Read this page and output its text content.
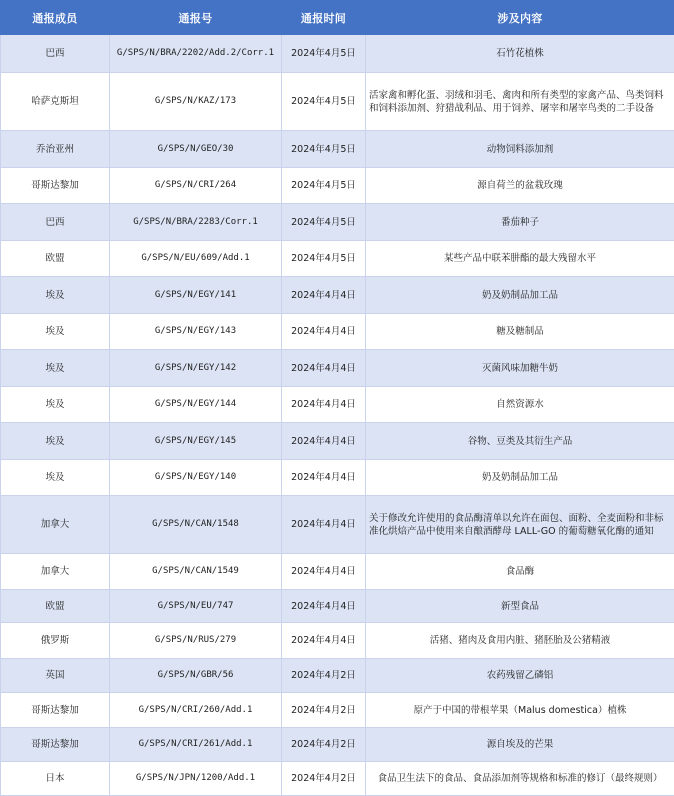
通报成员	通报号	通报时间	涉及内容
巴西	G/SPS/N/BRA/2202/Add.2/Corr.1	2024年4月5日	石竹花植株
哈萨克斯坦	G/SPS/N/KAZ/173	2024年4月5日	活家禽和孵化蛋、羽绒和羽毛、禽肉和所有类型的家禽产品、鸟类饲料和饲料添加剂、狩猎战利品、用于饲养、屠宰和屠宰鸟类的二手设备
乔治亚州	G/SPS/N/GEO/30	2024年4月5日	动物饲料添加剂
哥斯达黎加	G/SPS/N/CRI/264	2024年4月5日	源自荷兰的盆栽玫瑰
巴西	G/SPS/N/BRA/2283/Corr.1	2024年4月5日	番茄种子
欧盟	G/SPS/N/EU/609/Add.1	2024年4月5日	某些产品中联苯肼酯的最大残留水平
埃及	G/SPS/N/EGY/141	2024年4月4日	奶及奶制品加工品
埃及	G/SPS/N/EGY/143	2024年4月4日	糖及糖制品
埃及	G/SPS/N/EGY/142	2024年4月4日	灭菌风味加糖牛奶
埃及	G/SPS/N/EGY/144	2024年4月4日	自然资源水
埃及	G/SPS/N/EGY/145	2024年4月4日	谷物、豆类及其衍生产品
埃及	G/SPS/N/EGY/140	2024年4月4日	奶及奶制品加工品
加拿大	G/SPS/N/CAN/1548	2024年4月4日	关于修改允许使用的食品酶清单以允许在面包、面粉、全麦面粉和非标准化烘焙产品中使用来自酿酒酵母 LALL-GO 的葡萄糖氧化酶的通知
加拿大	G/SPS/N/CAN/1549	2024年4月4日	食品酶
欧盟	G/SPS/N/EU/747	2024年4月4日	新型食品
俄罗斯	G/SPS/N/RUS/279	2024年4月4日	活猪、猪肉及食用内脏、猪胚胎及公猪精液
英国	G/SPS/N/GBR/56	2024年4月2日	农药残留乙磷铝
哥斯达黎加	G/SPS/N/CRI/260/Add.1	2024年4月2日	原产于中国的带根苹果（Malus domestica）植株
哥斯达黎加	G/SPS/N/CRI/261/Add.1	2024年4月2日	源自埃及的芒果
日本	G/SPS/N/JPN/1200/Add.1	2024年4月2日	食品卫生法下的食品、食品添加剂等规格和标准的修订（最终规则）
